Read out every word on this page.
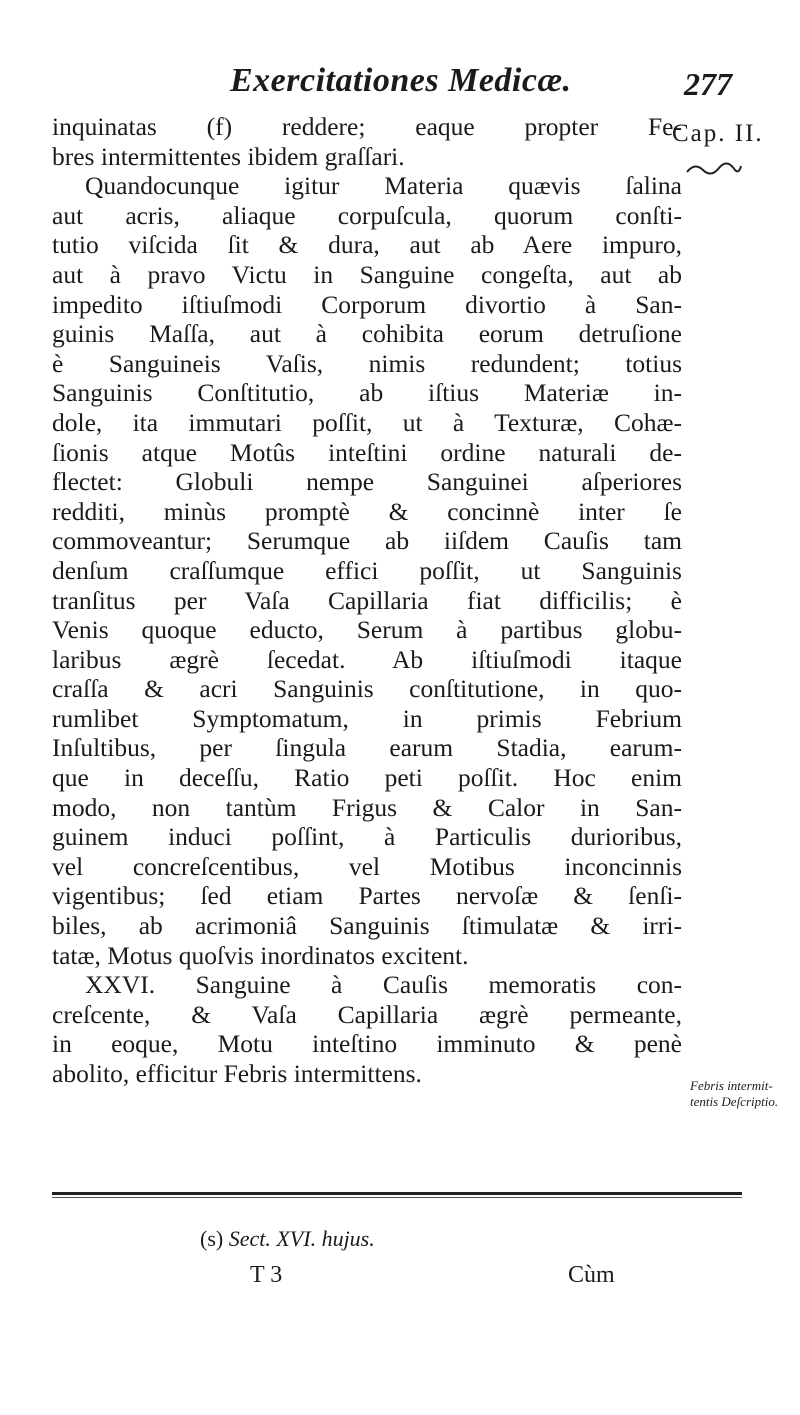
Exercitationes Medicæ.	277
Cap. II.
inquinatas (f) reddere; eaque propter Fe-
bres intermittentes ibidem graſſari.
Quandocunque igitur Materia quævis ſalina
aut acris, aliaque corpuſcula, quorum conſti-
tutio viſcida ſit & dura, aut ab Aere impuro,
aut à pravo Victu in Sanguine congeſta, aut ab
impedito iſtiuſmodi Corporum divortio à San-
guinis Maſſa, aut à cohibita eorum detruſione
è Sanguineis Vaſis, nimis redundent; totius
Sanguinis Conſtitutio, ab iſtius Materiæ in-
dole, ita immutari poſſit, ut à Texturæ, Cohæ-
ſionis atque Motûs inteſtini ordine naturali de-
flectet: Globuli nempe Sanguinei aſperiores
redditi, minùs promptè & concinnè inter ſe
commoveantur; Serumque ab iiſdem Cauſis tam
denſum craſſumque effici poſſit, ut Sanguinis
tranſitus per Vaſa Capillaria fiat difficilis; è
Venis quoque educto, Serum à partibus globu-
laribus ægrè ſecedat. Ab iſtiuſmodi itaque
craſſa & acri Sanguinis conſtitutione, in quo-
rumlibet Symptomatum, in primis Febrium
Inſultibus, per ſingula earum Stadia, earum-
que in deceſſu, Ratio peti poſſit. Hoc enim
modo, non tantùm Frigus & Calor in San-
guinem induci poſſint, à Particulis durioribus,
vel concreſcentibus, vel Motibus inconcinnis
vigentibus; ſed etiam Partes nervoſæ & ſenſi-
biles, ab acrimoniâ Sanguinis ſtimulatæ & irri-
tatæ, Motus quoſvis inordinatos excitent.
XXVI. Sanguine à Cauſis memoratis con-
creſcente, & Vaſa Capillaria ægrè permeante,
in eoque, Motu inteſtino imminuto & penè
abolito, efficitur Febris intermittens.	Febris intermit-
tentis Deſcriptio.
(s) Sect. XVI. hujus.
T 3	Cùm
